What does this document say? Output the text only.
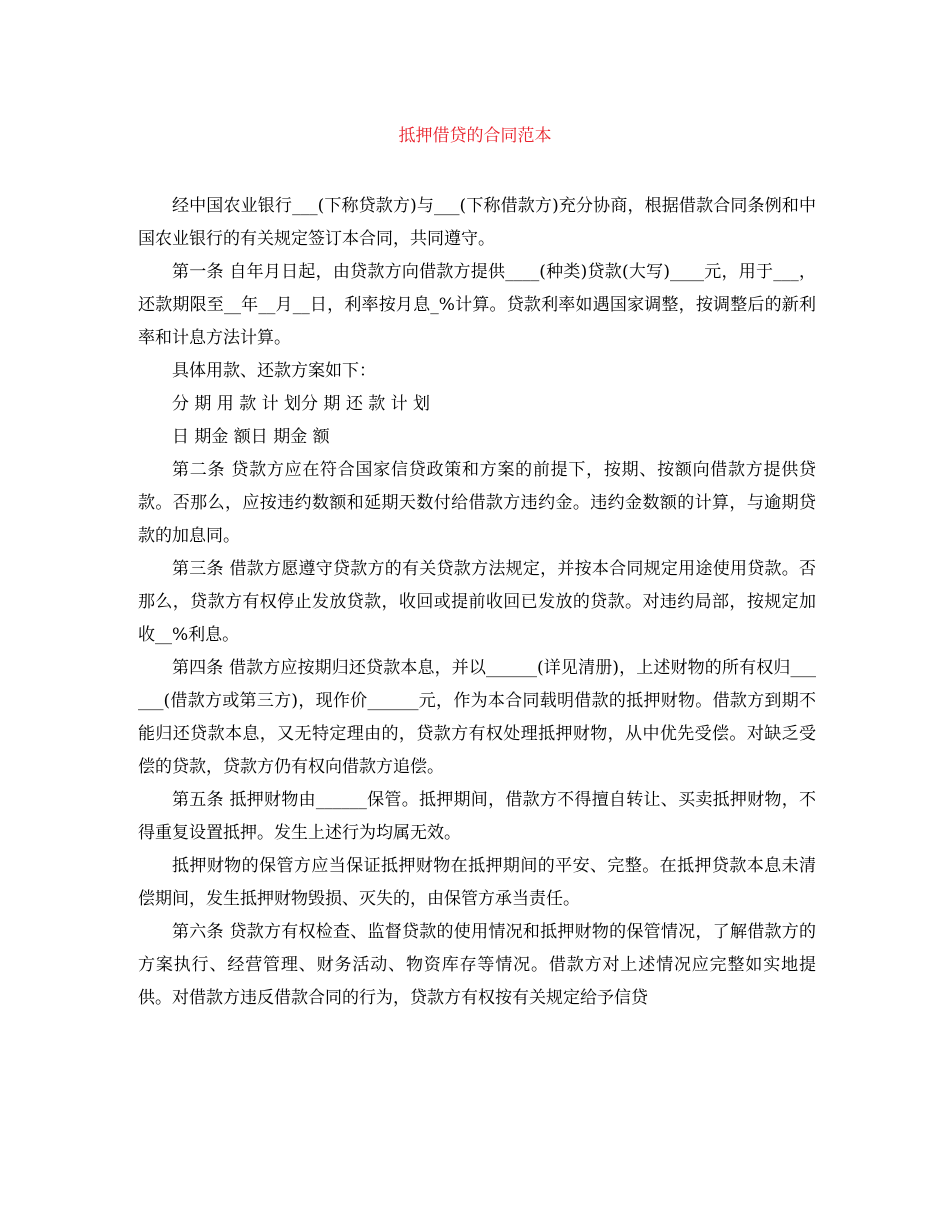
抵押借贷的合同范本

经中国农业银行___(下称贷款方)与___(下称借款方)充分协商，根据借款合同条例和中国农业银行的有关规定签订本合同，共同遵守。

第一条 自年月日起，由贷款方向借款方提供____(种类)贷款(大写)____元，用于___，还款期限至__年__月__日，利率按月息_%计算。贷款利率如遇国家调整，按调整后的新利率和计息方法计算。

具体用款、还款方案如下：

分 期 用 款 计 划分 期 还 款 计 划

日 期金 额日 期金 额

第二条 贷款方应在符合国家信贷政策和方案的前提下，按期、按额向借款方提供贷款。否那么，应按违约数额和延期天数付给借款方违约金。违约金数额的计算，与逾期贷款的加息同。

第三条 借款方愿遵守贷款方的有关贷款方法规定，并按本合同规定用途使用贷款。否那么，贷款方有权停止发放贷款，收回或提前收回已发放的贷款。对违约局部，按规定加收__%利息。

第四条 借款方应按期归还贷款本息，并以______(详见清册)，上述财物的所有权归______(借款方或第三方)，现作价______元，作为本合同载明借款的抵押财物。借款方到期不能归还贷款本息，又无特定理由的，贷款方有权处理抵押财物，从中优先受偿。对缺乏受偿的贷款，贷款方仍有权向借款方追偿。

第五条 抵押财物由______保管。抵押期间，借款方不得擅自转让、买卖抵押财物，不得重复设置抵押。发生上述行为均属无效。

抵押财物的保管方应当保证抵押财物在抵押期间的平安、完整。在抵押贷款本息未清偿期间，发生抵押财物毁损、灭失的，由保管方承当责任。

第六条 贷款方有权检查、监督贷款的使用情况和抵押财物的保管情况，了解借款方的方案执行、经营管理、财务活动、物资库存等情况。借款方对上述情况应完整如实地提供。对借款方违反借款合同的行为，贷款方有权按有关规定给予信贷
